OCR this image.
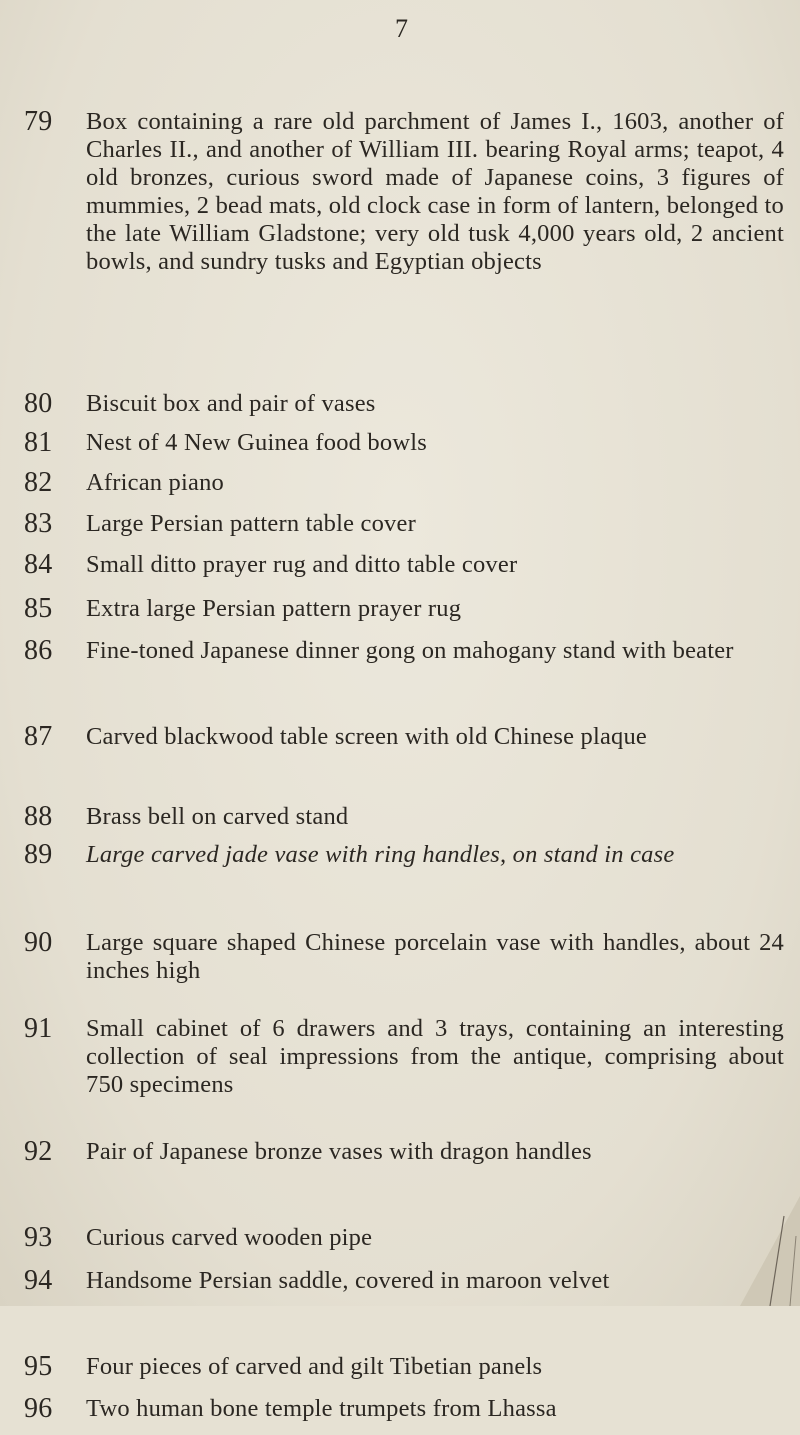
7
79	Box containing a rare old parchment of James I., 1603, another of Charles II., and another of William III. bearing Royal arms; teapot, 4 old bronzes, curious sword made of Japanese coins, 3 figures of mummies, 2 bead mats, old clock case in form of lantern, belonged to the late William Gladstone; very old tusk 4,000 years old, 2 ancient bowls, and sundry tusks and Egyptian objects
80	Biscuit box and pair of vases
81	Nest of 4 New Guinea food bowls
82	African piano
83	Large Persian pattern table cover
84	Small ditto prayer rug and ditto table cover
85	Extra large Persian pattern prayer rug
86	Fine-toned Japanese dinner gong on mahogany stand with beater
87	Carved blackwood table screen with old Chinese plaque
88	Brass bell on carved stand
89	Large carved jade vase with ring handles, on stand in case
90	Large square shaped Chinese porcelain vase with handles, about 24 inches high
91	Small cabinet of 6 drawers and 3 trays, containing an interesting collection of seal impressions from the antique, comprising about 750 specimens
92	Pair of Japanese bronze vases with dragon handles
93	Curious carved wooden pipe
94	Handsome Persian saddle, covered in maroon velvet
95	Four pieces of carved and gilt Tibetian panels
96	Two human bone temple trumpets from Lhassa
